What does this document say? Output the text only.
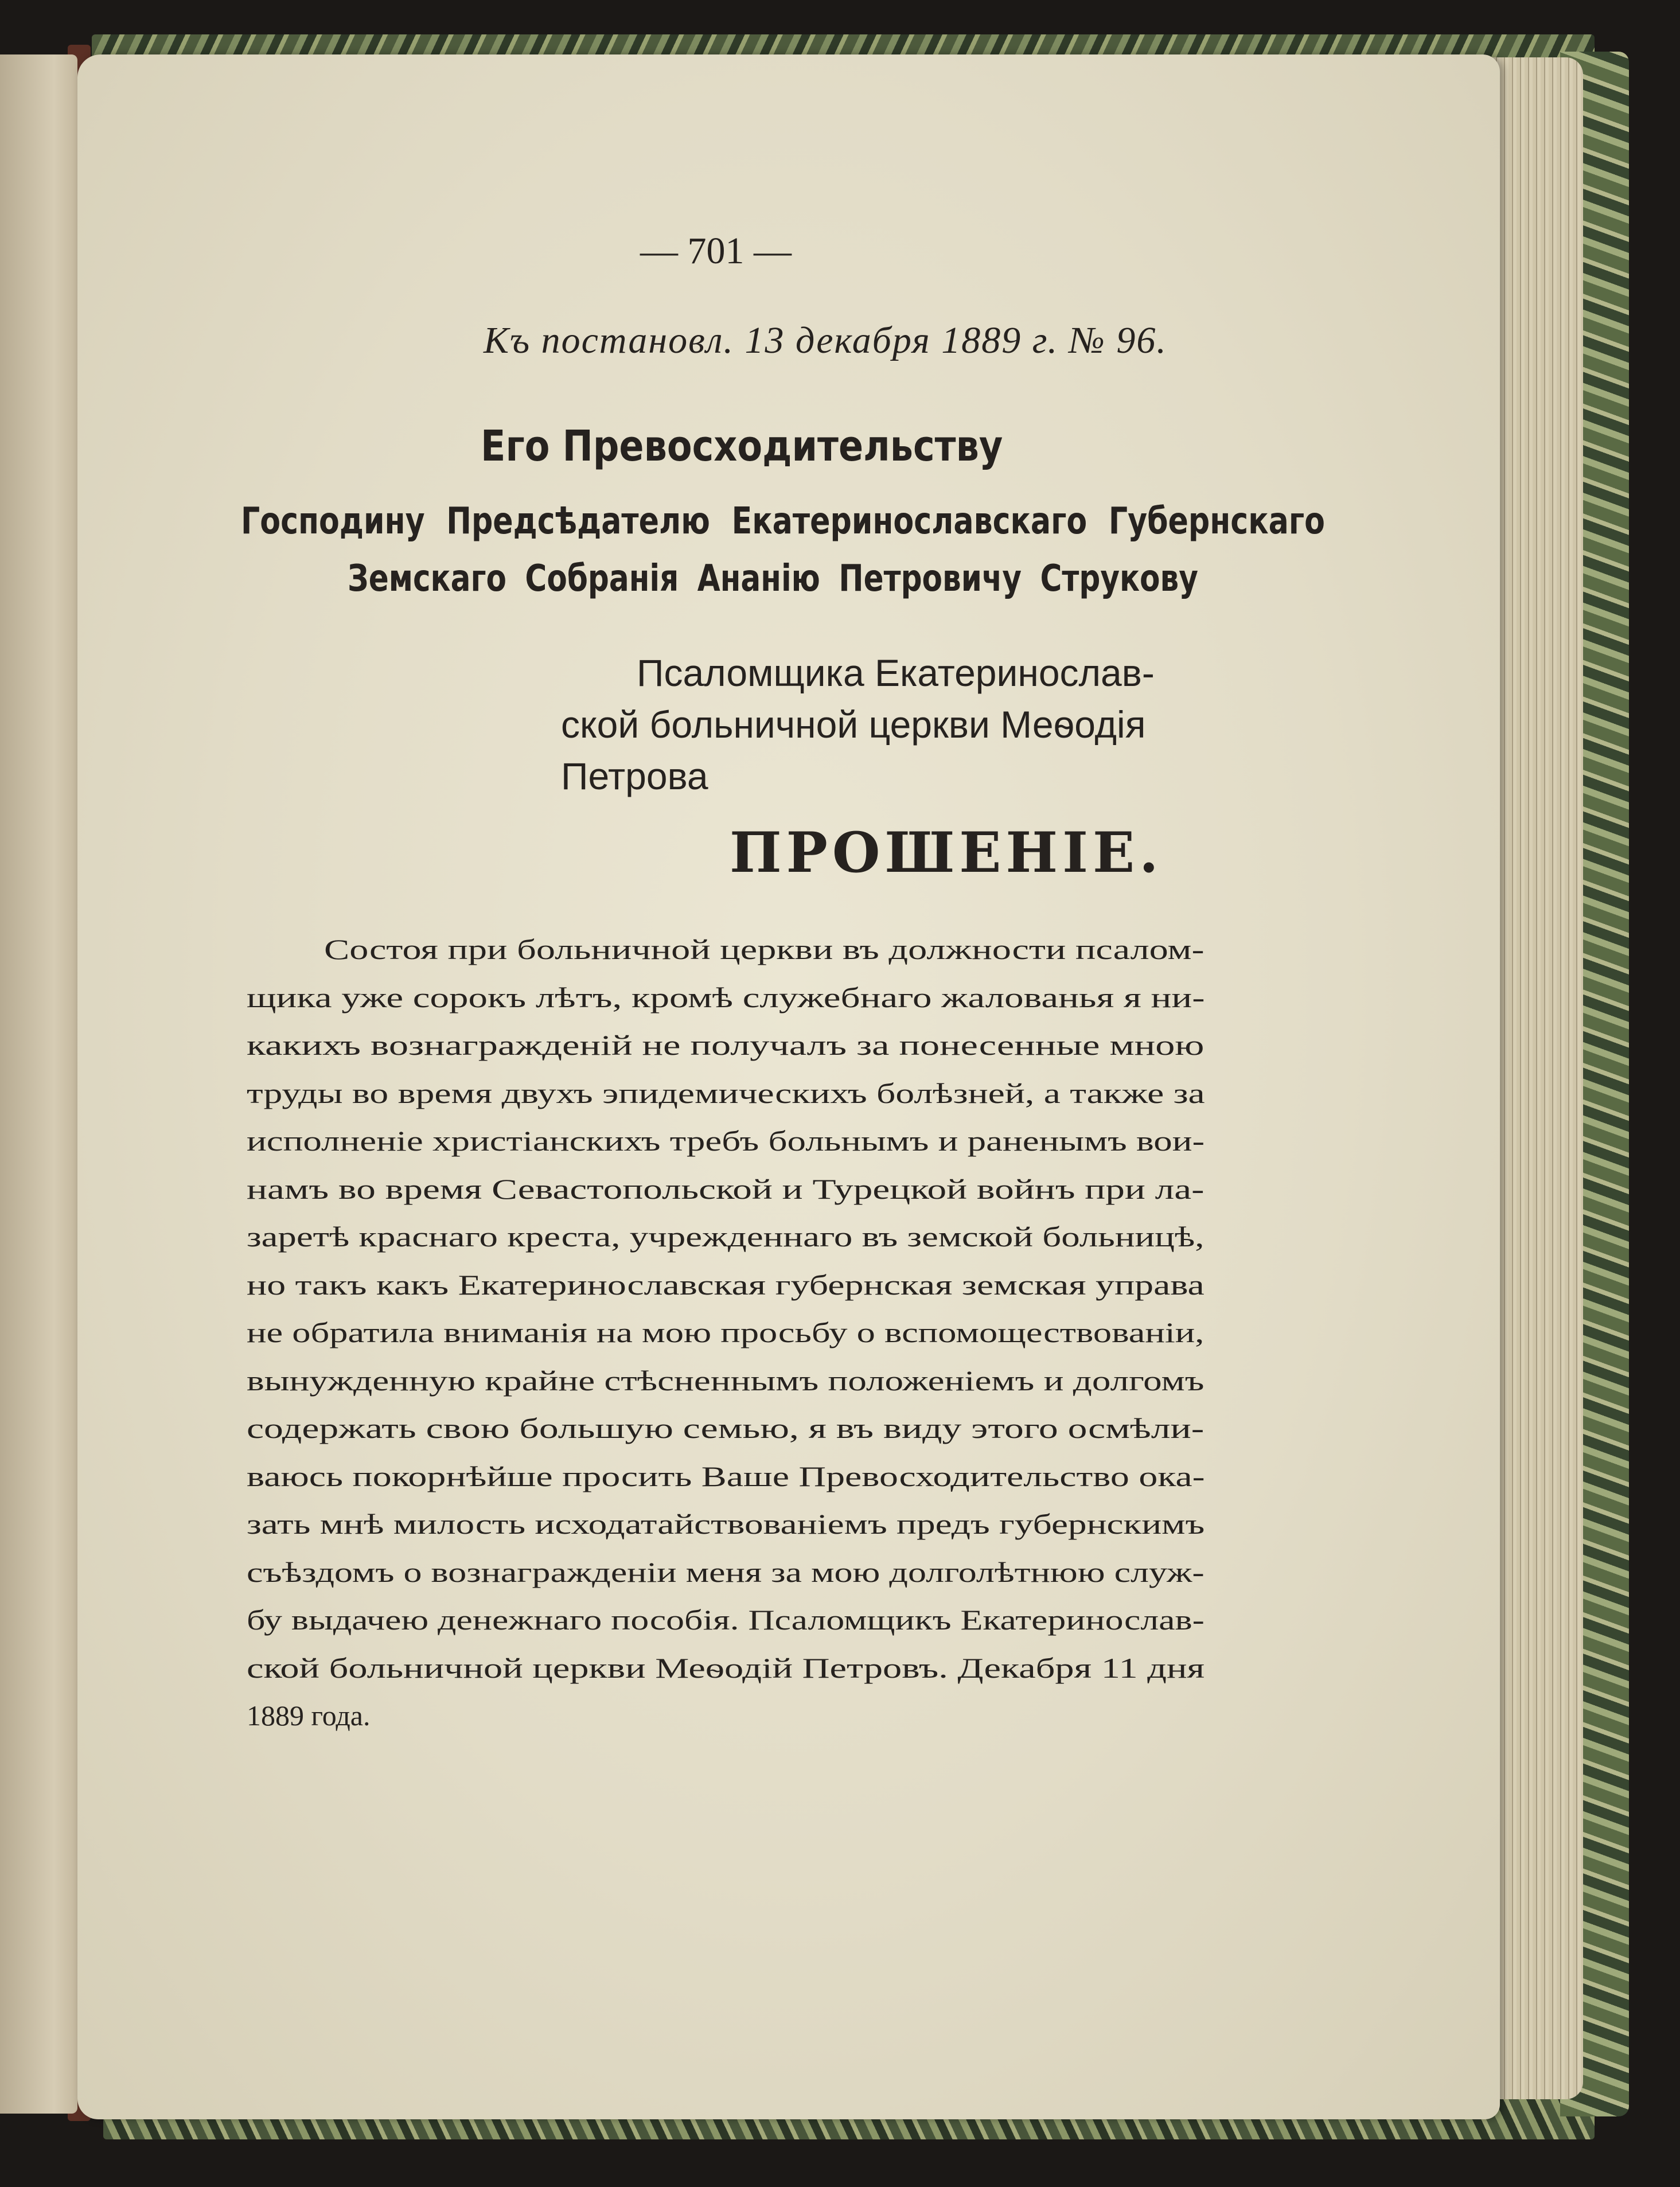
— 701 —
Къ постановл. 13 декабря 1889 г. № 96.
Его Превосходительству
Господину Предсѣдателю Екатеринославскаго Губернскаго
Земскаго Собранія Ананію Петровичу Струкову
Псаломщика Екатеринослав-
ской больничной церкви Меѳодія
Петрова
ПРОШЕНІЕ.
Состоя при больничной церкви въ должности псалом-
щика уже сорокъ лѣтъ, кромѣ служебнаго жалованья я ни-
какихъ вознагражденій не получалъ за понесенные мною
труды во время двухъ эпидемическихъ болѣзней, а также за
исполненіе христіанскихъ требъ больнымъ и раненымъ вои-
намъ во время Севастопольской и Турецкой войнъ при ла-
заретѣ краснаго креста, учрежденнаго въ земской больницѣ,
но такъ какъ Екатеринославская губернская земская управа
не обратила вниманія на мою просьбу о вспомоществованіи,
вынужденную крайне стѣсненнымъ положеніемъ и долгомъ
содержать свою большую семью, я въ виду этого осмѣли-
ваюсь покорнѣйше просить Ваше Превосходительство ока-
зать мнѣ милость исходатайствованіемъ предъ губернскимъ
съѣздомъ о вознагражденіи меня за мою долголѣтнюю служ-
бу выдачею денежнаго пособія. Псаломщикъ Екатеринослав-
ской больничной церкви Меѳодій Петровъ. Декабря 11 дня
1889 года.
